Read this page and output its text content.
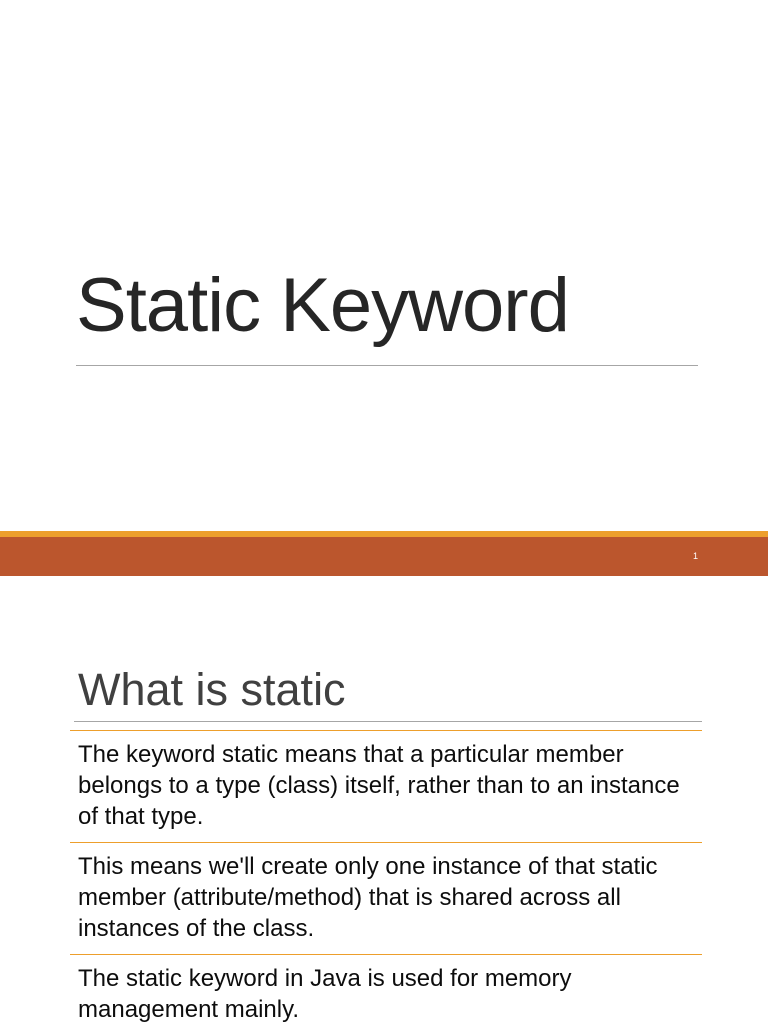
Static Keyword
1
What is static
The keyword static means that a particular member belongs to a type (class) itself, rather than to an instance of that type.
This means we'll create only one instance of that static member (attribute/method) that is shared across all instances of the class.
The static keyword in Java is used for memory management mainly.
